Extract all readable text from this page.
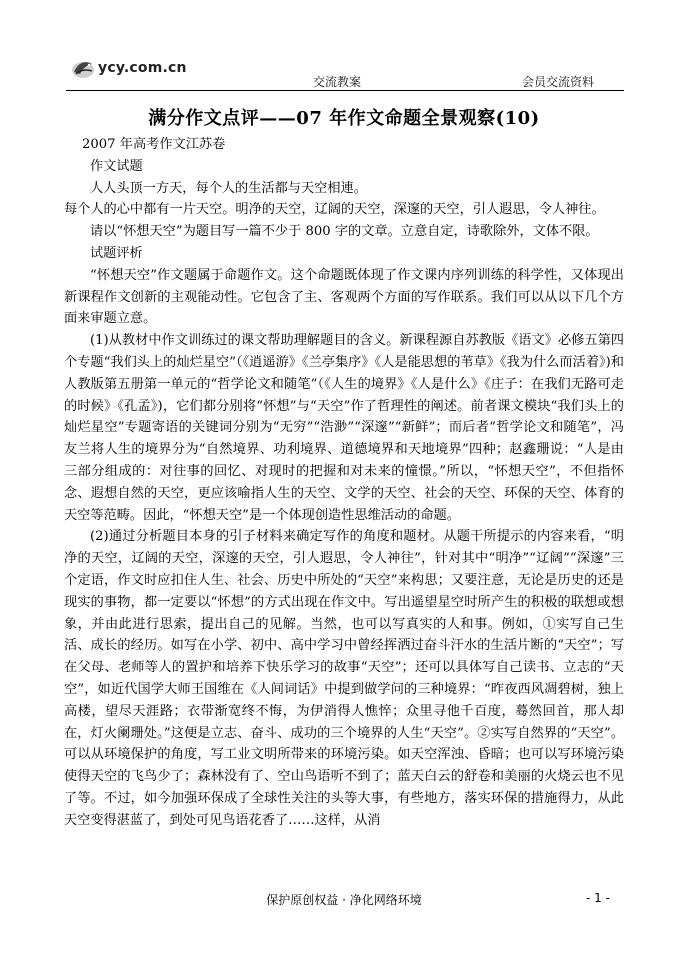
ycy.com.cn
交流教案	会员交流资料
满分作文点评——07 年作文命题全景观察(10)

2007 年高考作文江苏卷

作文试题

人人头顶一方天，每个人的生活都与天空相連。

每个人的心中都有一片天空。明净的天空，辽阔的天空，深邃的天空，引人遐思，令人神往。

请以“怀想天空”为题目写一篇不少于 800 字的文章。立意自定，诗歌除外，文体不限。

试题评析

“怀想天空”作文题属于命题作文。这个命题既体现了作文课内序列训练的科学性，又体现出新课程作文创新的主观能动性。它包含了主、客观两个方面的写作联系。我们可以从以下几个方面来审题立意。

(1)从教材中作文训练过的课文帮助理解题目的含义。新课程源自苏教版《语文》必修五第四个专题“我们头上的灿烂星空”（《逍遥游》《兰亭集序》《人是能思想的苇草》《我为什么而活着》)和人教版第五册第一单元的“哲学论文和随笔”（《人生的境界》《人是什么》《庄子：在我们无路可走的时候》《孔孟》)，它们都分别将“怀想”与“天空”作了哲理性的阐述。前者课文模块“我们头上的灿烂星空”专题寄语的关键词分别为“无穷”“浩渺”“深邃”“新鲜”；而后者“哲学论文和随笔”，冯友兰将人生的境界分为“自然境界、功利境界、道德境界和天地境界”四种；赵鑫珊说：“人是由三部分组成的：对往事的回忆、对现时的把握和对未来的憧憬。”所以，“怀想天空”，不但指怀念、遐想自然的天空，更应该喻指人生的天空、文学的天空、社会的天空、环保的天空、体育的天空等范畴。因此，“怀想天空”是一个体现创造性思维活动的命题。

(2)通过分析题目本身的引子材料来确定写作的角度和题材。从题干所提示的内容来看，“明净的天空，辽阔的天空，深邃的天空，引人遐思，令人神往”，针对其中“明净”“辽阔”“深邃”三个定语，作文时应扣住人生、社会、历史中所处的“天空”来构思；又要注意，无论是历史的还是现实的事物，都一定要以“怀想”的方式出现在作文中。写出遥望星空时所产生的积极的联想或想象，并由此进行思索，提出自己的见解。当然，也可以写真实的人和事。例如，①实写自己生活、成长的经历。如写在小学、初中、高中学习中曾经挥洒过奋斗汗水的生活片断的“天空”；写在父母、老师等人的置护和培养下快乐学习的故事“天空”；还可以具体写自己读书、立志的“天空”，如近代国学大师王国维在《人间词话》中提到做学问的三种境界：“昨夜西风凋碧树，独上高楼，望尽天涯路；衣带渐宽终不悔，为伊消得人憔悴；众里寻他千百度，蓦然回首，那人却在，灯火阑珊处。”这便是立志、奋斗、成功的三个境界的人生“天空”。②实写自然界的“天空”。可以从环境保护的角度，写工业文明所带来的环境污染。如天空浑浊、昏暗；也可以写环境污染使得天空的飞鸟少了；森林没有了、空山鸟语听不到了；蓝天白云的舒卷和美丽的火烧云也不见了等。不过，如今加强环保成了全球性关注的头等大事，有些地方，落实环保的措施得力，从此天空变得湛蓝了，到处可见鸟语花香了……这样，从消

保护原创权益 · 净化网络环境	- 1 -
